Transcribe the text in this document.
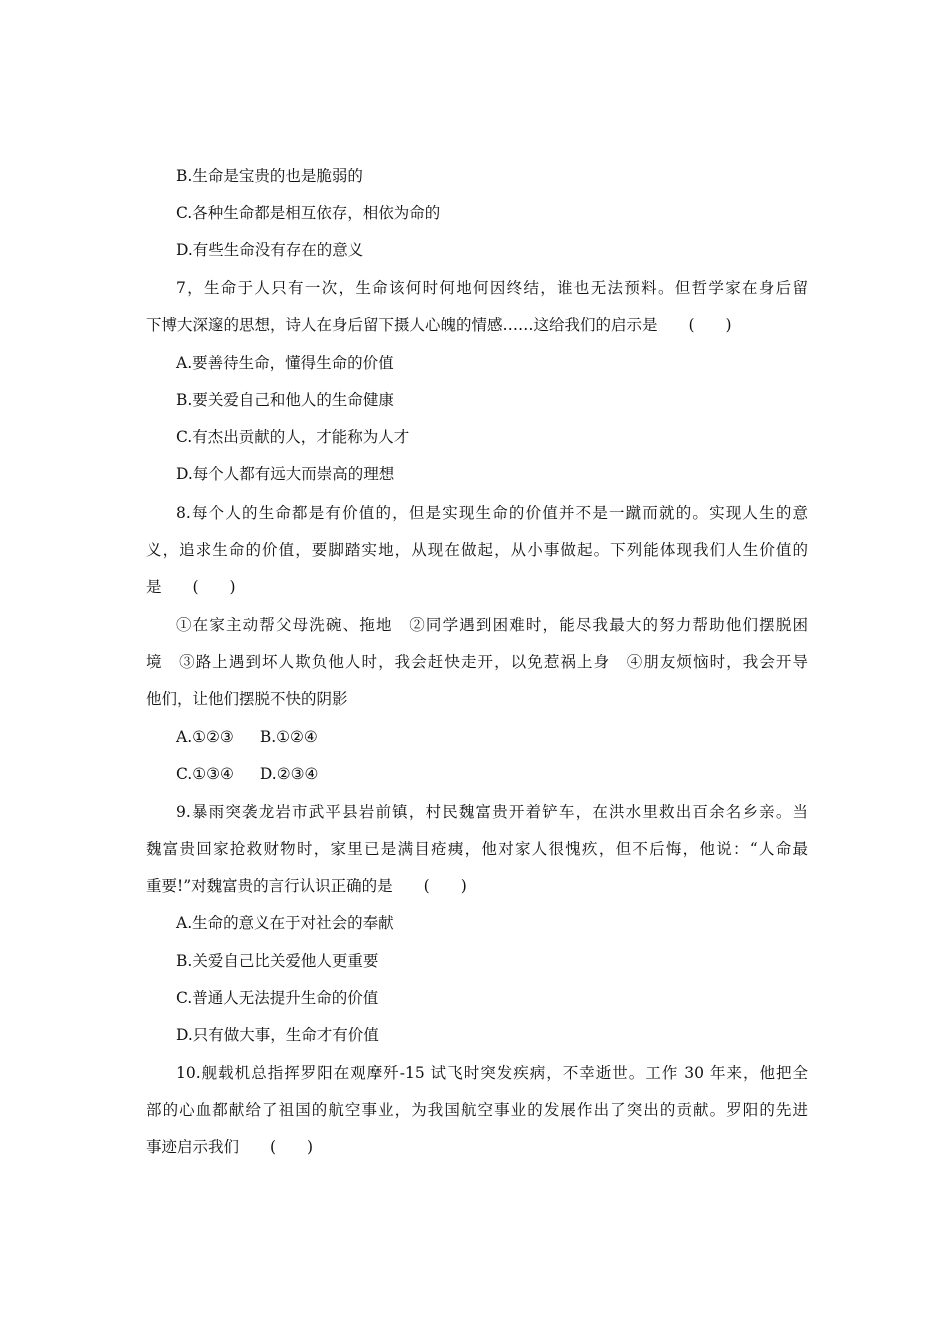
B.生命是宝贵的也是脆弱的
C.各种生命都是相互依存，相依为命的
D.有些生命没有存在的意义
7，生命于人只有一次，生命该何时何地何因终结，谁也无法预料。但哲学家在身后留
下博大深邃的思想，诗人在身后留下摄人心魄的情感……这给我们的启示是　　(　　)
A.要善待生命，懂得生命的价值
B.要关爱自己和他人的生命健康
C.有杰出贡献的人，才能称为人才
D.每个人都有远大而崇高的理想
8.每个人的生命都是有价值的，但是实现生命的价值并不是一蹴而就的。实现人生的意
义，追求生命的价值，要脚踏实地，从现在做起，从小事做起。下列能体现我们人生价值的
是　　(　　)
①在家主动帮父母洗碗、拖地　②同学遇到困难时，能尽我最大的努力帮助他们摆脱困
境　③路上遇到坏人欺负他人时，我会赶快走开，以免惹祸上身　④朋友烦恼时，我会开导
他们，让他们摆脱不快的阴影
A.①②③ B.①②④
C.①③④ D.②③④
9.暴雨突袭龙岩市武平县岩前镇，村民魏富贵开着铲车，在洪水里救出百余名乡亲。当
魏富贵回家抢救财物时，家里已是满目疮痍，他对家人很愧疚，但不后悔，他说：“人命最
重要!”对魏富贵的言行认识正确的是　　(　　)
A.生命的意义在于对社会的奉献
B.关爱自己比关爱他人更重要
C.普通人无法提升生命的价值
D.只有做大事，生命才有价值
10.舰载机总指挥罗阳在观摩歼-15 试飞时突发疾病，不幸逝世。工作 30 年来，他把全
部的心血都献给了祖国的航空事业，为我国航空事业的发展作出了突出的贡献。罗阳的先进
事迹启示我们　　(　　)
